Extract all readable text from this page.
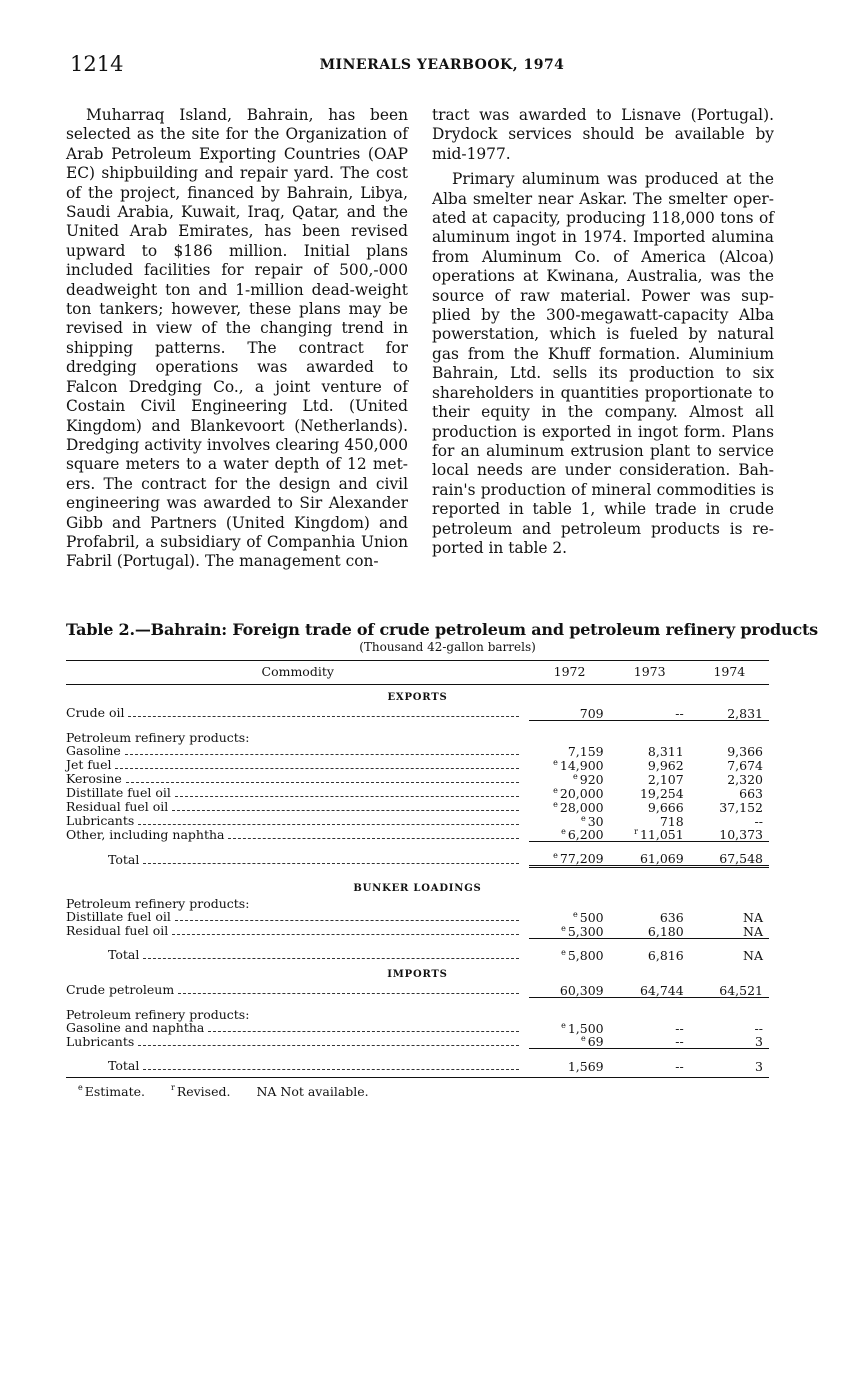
1214	MINERALS YEARBOOK, 1974

Muharraq Island, Bahrain, has been selected as the site for the Organization of Arab Petroleum Exporting Countries (OAP EC) shipbuilding and repair yard. The cost of the project, financed by Bahrain, Libya, Saudi Arabia, Kuwait, Iraq, Qatar, and the United Arab Emirates, has been revised upward to $186 million. Initial plans included facilities for repair of 500,-000 deadweight ton and 1-million dead-weight ton tankers; however, these plans may be revised in view of the changing trend in shipping patterns. The contract for dredging operations was awarded to Falcon Dredging Co., a joint venture of Costain Civil Engineering Ltd. (United Kingdom) and Blankevoort (Netherlands). Dredging activity involves clearing 450,000 square meters to a water depth of 12 met-ers. The contract for the design and civil engineering was awarded to Sir Alexander Gibb and Partners (United Kingdom) and Profabril, a subsidiary of Companhia Union Fabril (Portugal). The management con-

tract was awarded to Lisnave (Portugal). Drydock services should be available by mid-1977.

Primary aluminum was produced at the Alba smelter near Askar. The smelter oper-ated at capacity, producing 118,000 tons of aluminum ingot in 1974. Imported alumina from Aluminum Co. of America (Alcoa) operations at Kwinana, Australia, was the source of raw material. Power was sup-plied by the 300-megawatt-capacity Alba powerstation, which is fueled by natural gas from the Khuff formation. Aluminium Bahrain, Ltd. sells its production to six shareholders in quantities proportionate to their equity in the company. Almost all production is exported in ingot form. Plans for an aluminum extrusion plant to service local needs are under consideration. Bah-rain's production of mineral commodities is reported in table 1, while trade in crude petroleum and petroleum products is re-ported in table 2.

Table 2.—Bahrain: Foreign trade of crude petroleum and petroleum refinery products
(Thousand 42-gallon barrels)
Commodity	1972	1973	1974
EXPORTS			

Crude oil	709	--	2,831
Petroleum refinery products:			

Gasoline	7,159	8,311	9,366

Jet fuel	$^e$ 14,900	9,962	7,674

Kerosine	$^e$ 920	2,107	2,320

Distillate fuel oil	$^e$ 20,000	19,254	663

Residual fuel oil	$^e$ 28,000	9,666	37,152

Lubricants	$^e$ 30	718	--

Other, including naphtha	$^e$ 6,200	$^r$ 11,051	10,373

Total	$^e$ 77,209	61,069	67,548
BUNKER LOADINGS			
Petroleum refinery products:			

Distillate fuel oil	$^e$ 500	636	NA

Residual fuel oil	$^e$ 5,300	6,180	NA

Total	$^e$ 5,800	6,816	NA
IMPORTS			

Crude petroleum	60,309	64,744	64,521
Petroleum refinery products:			

Gasoline and naphtha	$^e$ 1,500	--	--

Lubricants	$^e$ 69	--	3

Total	1,569	--	3
$^e$ Estimate.	$^r$ Revised. NA Not available.
